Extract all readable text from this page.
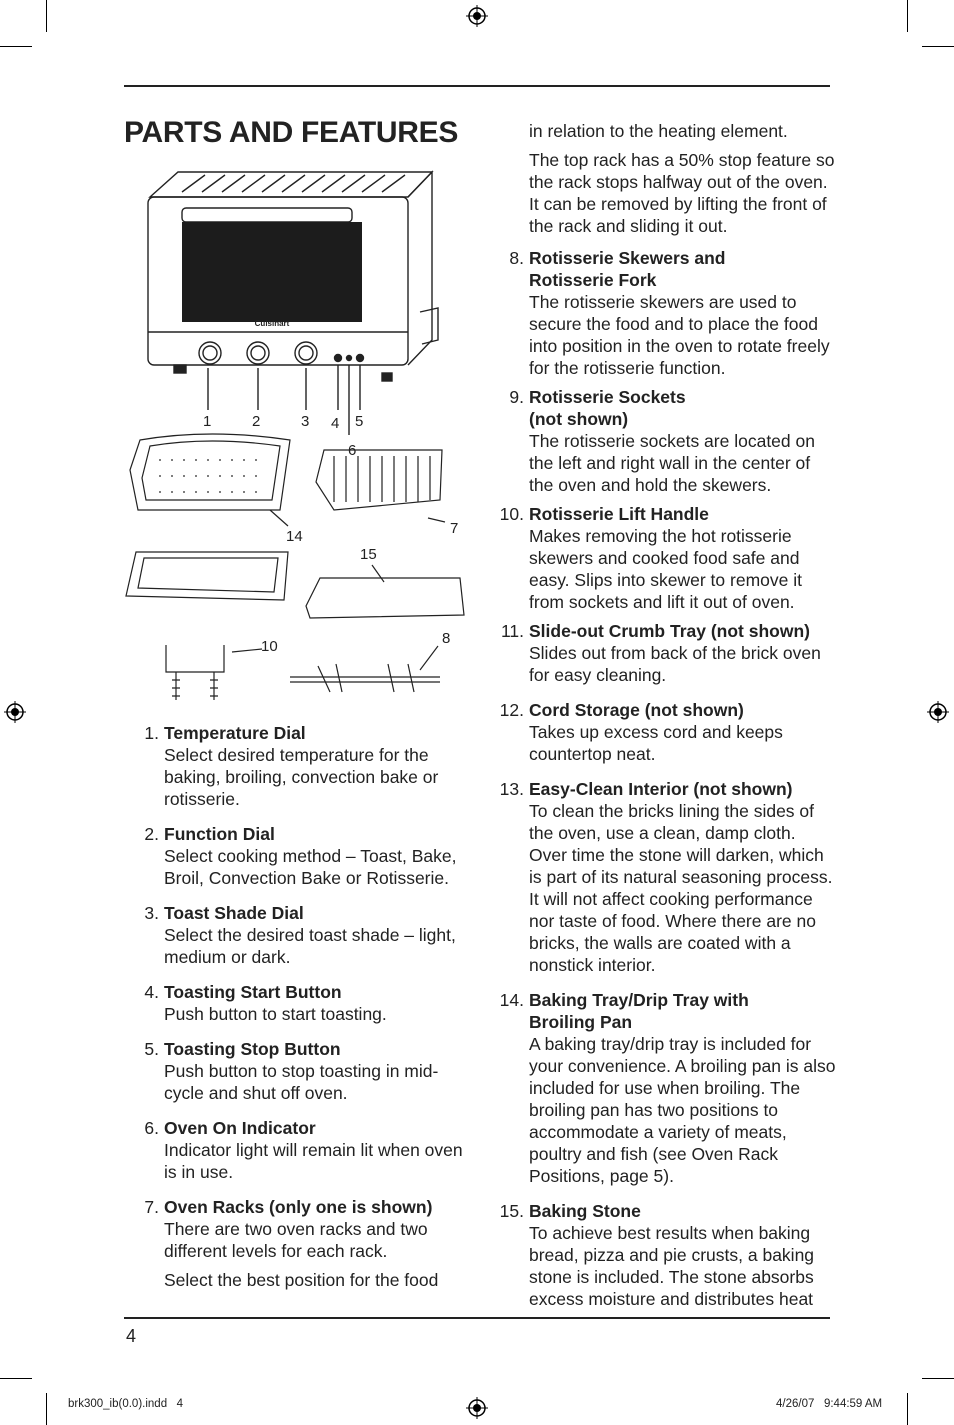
PARTS AND FEATURES
Cuisinart
1	2	3 4 5
6
7
14
15
10	8
1. Temperature Dial
Select desired temperature for the baking, broiling, convection bake or rotisserie.
2. Function Dial
Select cooking method – Toast, Bake, Broil, Convection Bake or Rotisserie.
3. Toast Shade Dial
Select the desired toast shade – light, medium or dark.
4. Toasting Start Button
Push button to start toasting.
5. Toasting Stop Button
Push button to stop toasting in mid-cycle and shut off oven.
6. Oven On Indicator
Indicator light will remain lit when oven is in use.
7. Oven Racks (only one is shown)
There are two oven racks and two different levels for each rack.
Select the best position for the food
in relation to the heating element.
The top rack has a 50% stop feature so the rack stops halfway out of the oven. It can be removed by lifting the front of the rack and sliding it out.
8. Rotisserie Skewers and Rotisserie Fork
The rotisserie skewers are used to secure the food and to place the food into position in the oven to rotate freely for the rotisserie function.
9. Rotisserie Sockets (not shown)
The rotisserie sockets are located on the left and right wall in the center of the oven and hold the skewers.
10. Rotisserie Lift Handle
Makes removing the hot rotisserie skewers and cooked food safe and easy. Slips into skewer to remove it from sockets and lift it out of oven.
11. Slide-out Crumb Tray (not shown)
Slides out from back of the brick oven for easy cleaning.
12. Cord Storage (not shown)
Takes up excess cord and keeps countertop neat.
13. Easy-Clean Interior (not shown)
To clean the bricks lining the sides of the oven, use a clean, damp cloth. Over time the stone will darken, which is part of its natural seasoning process. It will not affect cooking performance nor taste of food. Where there are no bricks, the walls are coated with a nonstick interior.
14. Baking Tray/Drip Tray with Broiling Pan
A baking tray/drip tray is included for your convenience. A broiling pan is also included for use when broiling. The broiling pan has two positions to accommodate a variety of meats, poultry and fish (see Oven Rack Positions, page 5).
15. Baking Stone
To achieve best results when baking bread, pizza and pie crusts, a baking stone is included. The stone absorbs excess moisture and distributes heat
4
brk300_ib(0.0).indd   4	4/26/07   9:44:59 AM
